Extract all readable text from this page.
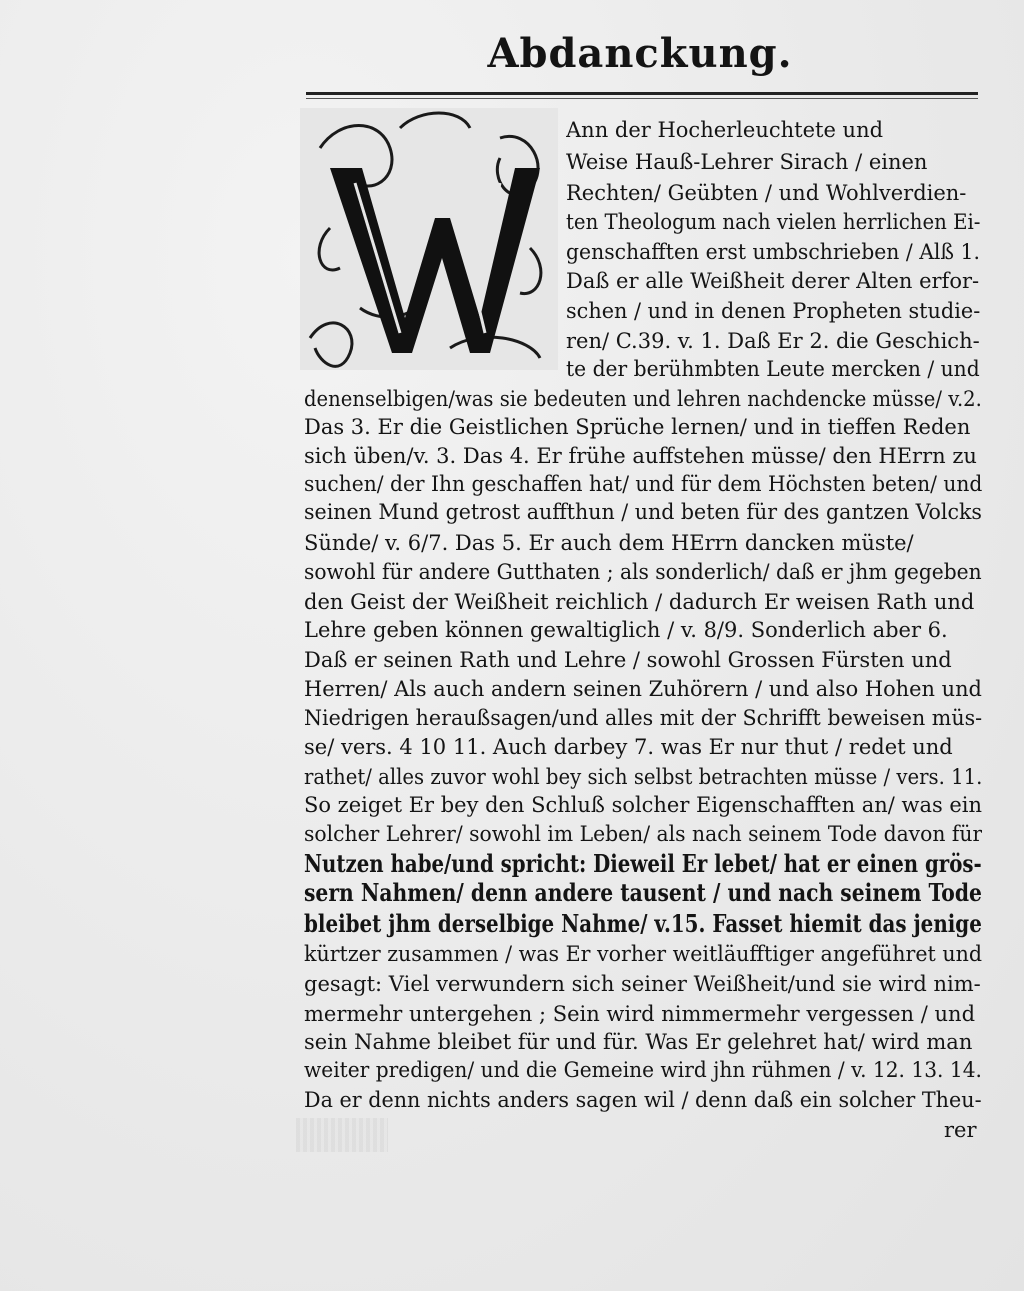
Abdanckung.
Ann der Hocherleuchtete und
Weise Hauß-Lehrer Sirach / einen
Rechten/ Geübten / und Wohlverdien-
ten Theologum nach vielen herrlichen Ei-
genschafften erst umbschrieben / Alß 1.
Daß er alle Weißheit derer Alten erfor-
schen / und in denen Propheten studie-
ren/ C.39. v. 1. Daß Er 2. die Geschich-
te der berühmbten Leute mercken / und
denenselbigen/was sie bedeuten und lehren nachdencke müsse/ v.2.
Das 3. Er die Geistlichen Sprüche lernen/ und in tieffen Reden
sich üben/v. 3. Das 4. Er frühe auffstehen müsse/ den HErrn zu
suchen/ der Ihn geschaffen hat/ und für dem Höchsten beten/ und
seinen Mund getrost auffthun / und beten für des gantzen Volcks
Sünde/ v. 6/7. Das 5. Er auch dem HErrn dancken müste/
sowohl für andere Gutthaten ; als sonderlich/ daß er jhm gegeben
den Geist der Weißheit reichlich / dadurch Er weisen Rath und
Lehre geben können gewaltiglich / v. 8/9. Sonderlich aber 6.
Daß er seinen Rath und Lehre / sowohl Grossen Fürsten und
Herren/ Als auch andern seinen Zuhörern / und also Hohen und
Niedrigen heraußsagen/und alles mit der Schrifft beweisen müs-
se/ vers. 4 10 11. Auch darbey 7. was Er nur thut / redet und
rathet/ alles zuvor wohl bey sich selbst betrachten müsse / vers. 11.
So zeiget Er bey den Schluß solcher Eigenschafften an/ was ein
solcher Lehrer/ sowohl im Leben/ als nach seinem Tode davon für
Nutzen habe/und spricht: Dieweil Er lebet/ hat er einen grös-
sern Nahmen/ denn andere tausent / und nach seinem Tode
bleibet jhm derselbige Nahme/ v.15. Fasset hiemit das jenige
kürtzer zusammen / was Er vorher weitläufftiger angeführet und
gesagt: Viel verwundern sich seiner Weißheit/und sie wird nim-
mermehr untergehen ; Sein wird nimmermehr vergessen / und
sein Nahme bleibet für und für. Was Er gelehret hat/ wird man
weiter predigen/ und die Gemeine wird jhn rühmen / v. 12. 13. 14.
Da er denn nichts anders sagen wil / denn daß ein solcher Theu-
rer
